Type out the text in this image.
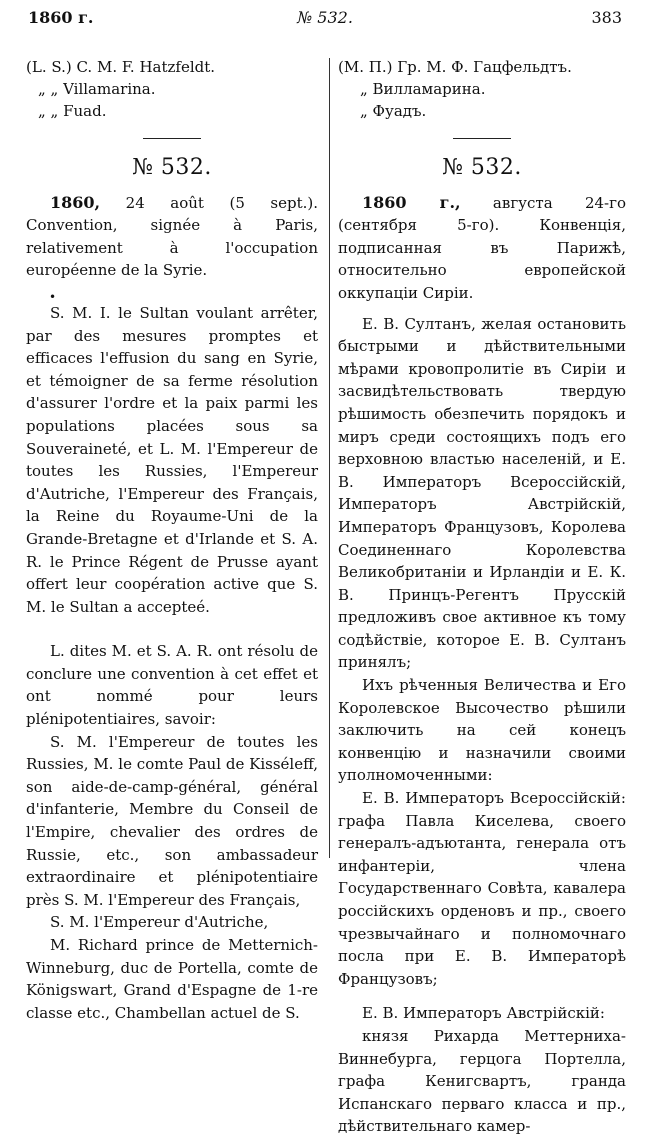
1860 г.	№ 532.	383
(L. S.) C. M. F. Hatzfeldt.
„ „ Villamarina.
„ „ Fuad.
№ 532.
1860, 24 août (5 sept.). Convention, signée à Paris, relativement à l'occupation européenne de la Syrie.
•
S. M. I. le Sultan voulant arrêter, par des mesures promptes et efficaces l'effusion du sang en Syrie, et témoigner de sa ferme résolution d'assurer l'ordre et la paix parmi les populations placées sous sa Souveraineté, et L. M. l'Empereur de toutes les Russies, l'Empereur d'Autriche, l'Empereur des Français, la Reine du Royaume-Uni de la Grande-Bretagne et d'Irlande et S. A. R. le Prince Régent de Prusse ayant offert leur coopération active que S. M. le Sultan a accepteé.
L. dites M. et S. A. R. ont résolu de conclure une convention à cet effet et ont nommé pour leurs plénipotentiaires, savoir:
S. M. l'Empereur de toutes les Russies, M. le comte Paul de Kisséleff, son aide-de-camp-général, général d'infanterie, Membre du Conseil de l'Empire, chevalier des ordres de Russie, etc., son ambassadeur extraordinaire et plénipotentiaire près S. M. l'Empereur des Français,
S. M. l'Empereur d'Autriche,
M. Richard prince de Metternich-Winneburg, duc de Portella, comte de Königswart, Grand d'Espagne de 1-re classe etc., Chambellan actuel de S.
(M. П.) Гр. М. Ф. Гацфельдтъ.
„ Вилламарина.
„ Фуадъ.
№ 532.
1860 г., августа 24-го (сентября 5-го). Конвенція, подписанная въ Парижѣ, относительно европейской оккупаціи Сиріи.
Е. В. Султанъ, желая остановить быстрыми и дѣйствительными мѣрами кровопролитіе въ Сиріи и засвидѣтельствовать твердую рѣшимость обезпечить порядокъ и миръ среди состоящихъ подъ его верховною властью населеній, и Е. В. Императоръ Всероссійскій, Императоръ Австрійскій, Императоръ Французовъ, Королева Соединеннаго Королевства Великобританіи и Ирландіи и Е. К. В. Принцъ-Регентъ Прусскій предложивъ свое активное къ тому содѣйствіе, которое Е. В. Султанъ принялъ;
Ихъ рѣченныя Величества и Его Королевское Высочество рѣшили заключить на сей конецъ конвенцію и назначили своими уполномоченными:
Е. В. Императоръ Всероссійскій: графа Павла Киселева, своего генералъ-адъютанта, генерала отъ инфантеріи, члена Государственнаго Совѣта, кавалера россійскихъ орденовъ и пр., своего чрезвычайнаго и полномочнаго посла при Е. В. Императорѣ Французовъ;
Е. В. Императоръ Австрійскій:
князя Рихарда Меттерниха-Виннебурга, герцога Портелла, графа Кенигсвартъ, гранда Испанскаго перваго класса и пр., дѣйствительнаго камер-
